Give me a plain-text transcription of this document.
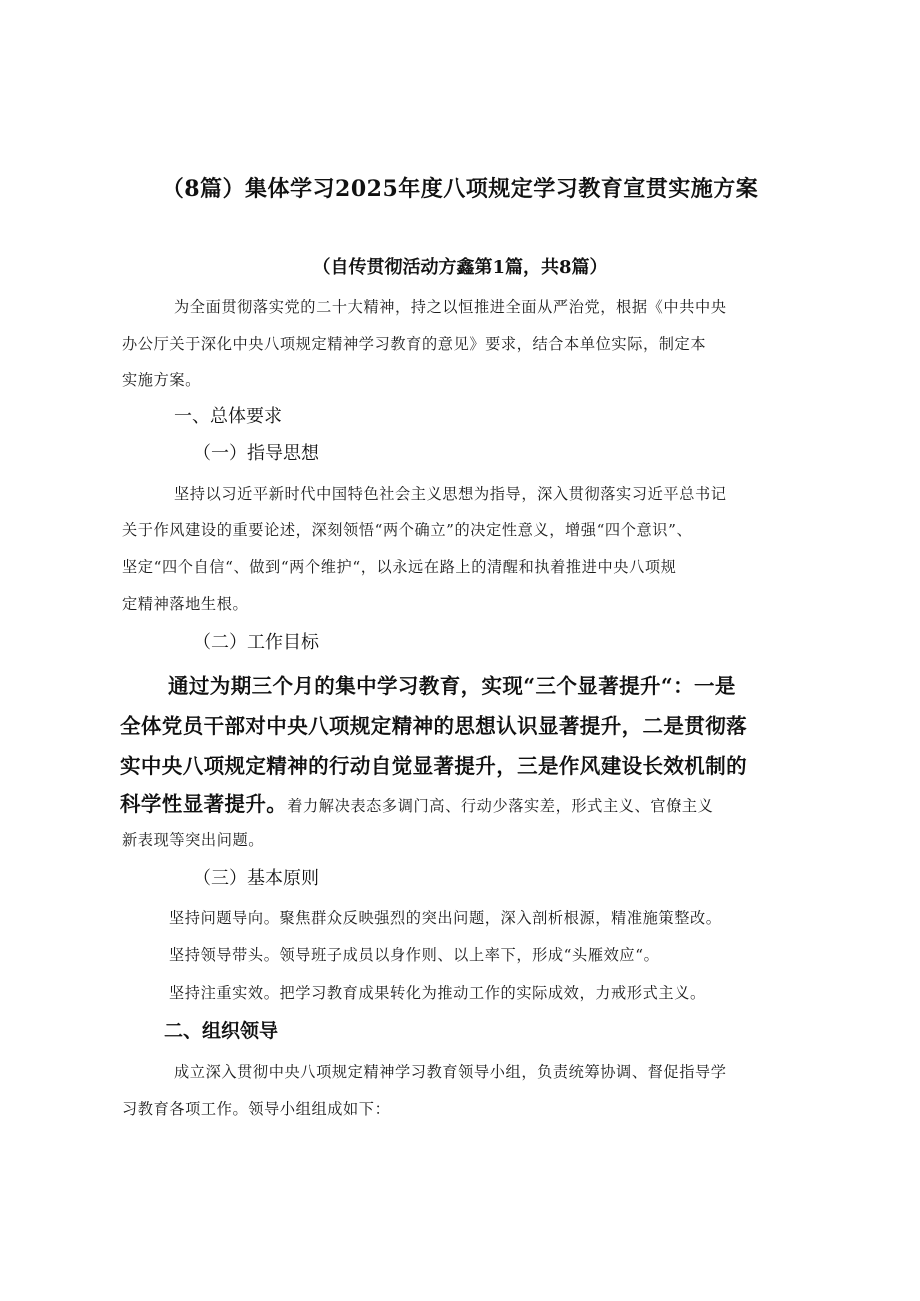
（8篇）集体学习2025年度八项规定学习教育宣贯实施方案
（自传贯彻活动方鑫第1篇，共8篇）
为全面贯彻落实党的二十大精神，持之以恒推进全面从严治党，根据《中共中央
办公厅关于深化中央八项规定精神学习教育的意见》要求，结合本单位实际，制定本
实施方案。
一、总体要求
（一）指导思想
坚持以习近平新时代中国特色社会主义思想为指导，深入贯彻落实习近平总书记
关于作风建设的重要论述，深刻领悟“两个确立”的决定性意义，增强“四个意识”、
坚定“四个自信“、做到“两个维护“，以永远在路上的清醒和执着推进中央八项规
定精神落地生根。
（二）工作目标
通过为期三个月的集中学习教育，实现“三个显著提升“：一是
全体党员干部对中央八项规定精神的思想认识显著提升，二是贯彻落
实中央八项规定精神的行动自觉显著提升，三是作风建设长效机制的
科学性显著提升。着力解决表态多调门高、行动少落实差，形式主义、官僚主义
新表现等突出问题。
（三）基本原则
坚持问题导向。聚焦群众反映强烈的突出问题，深入剖析根源，精准施策整改。
坚持领导带头。领导班子成员以身作则、以上率下，形成“头雁效应“。
坚持注重实效。把学习教育成果转化为推动工作的实际成效，力戒形式主义。
二、组织领导
成立深入贯彻中央八项规定精神学习教育领导小组，负责统筹协调、督促指导学
习教育各项工作。领导小组组成如下：
